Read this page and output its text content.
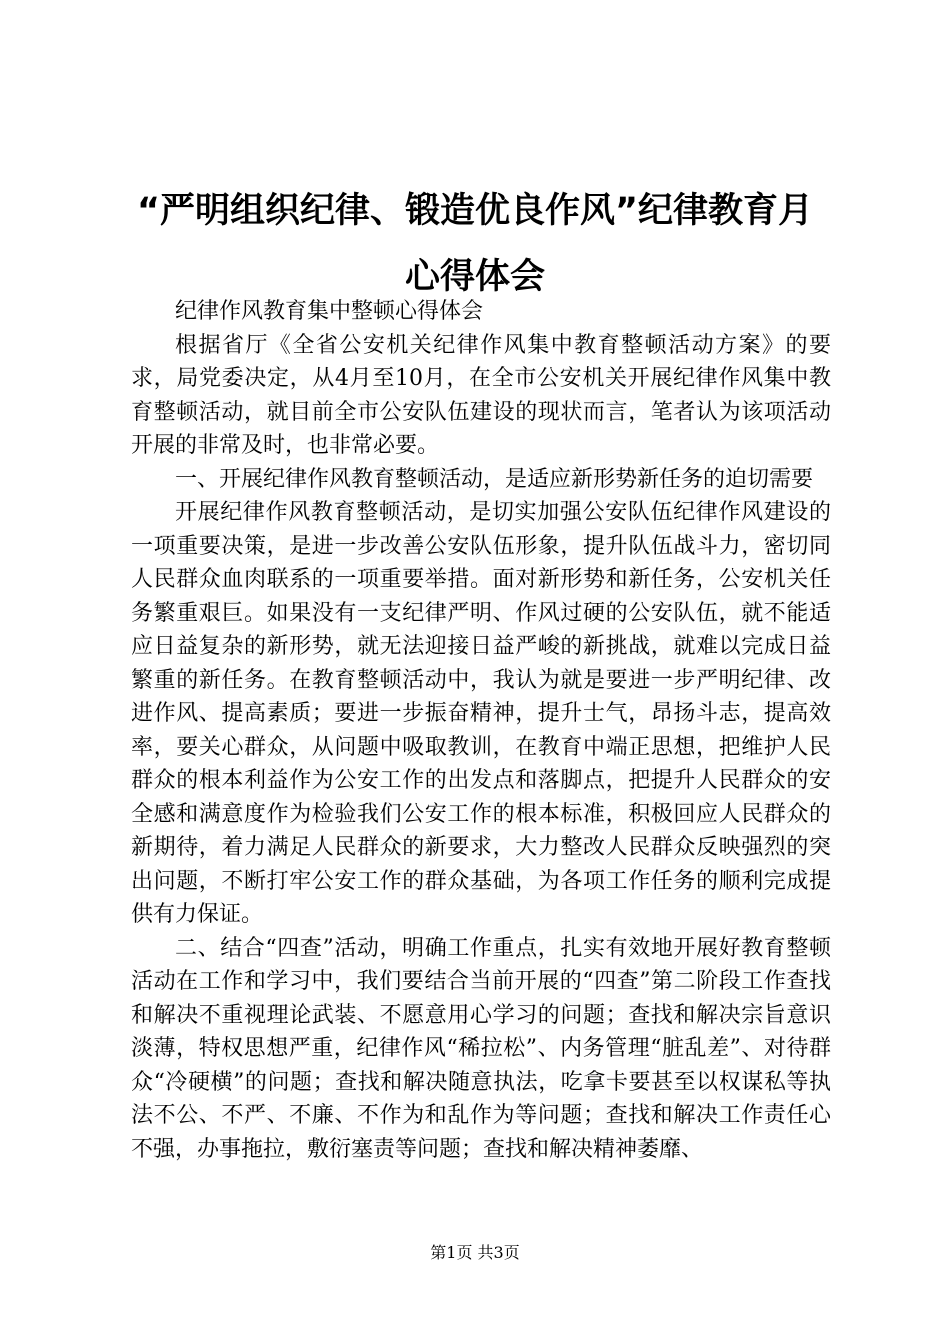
“严明组织纪律、锻造优良作风”纪律教育月心得体会

纪律作风教育集中整顿心得体会

根据省厅《全省公安机关纪律作风集中教育整顿活动方案》的要求，局党委决定，从4月至10月，在全市公安机关开展纪律作风集中教育整顿活动，就目前全市公安队伍建设的现状而言，笔者认为该项活动开展的非常及时，也非常必要。

一、开展纪律作风教育整顿活动，是适应新形势新任务的迫切需要

开展纪律作风教育整顿活动，是切实加强公安队伍纪律作风建设的一项重要决策，是进一步改善公安队伍形象，提升队伍战斗力，密切同人民群众血肉联系的一项重要举措。面对新形势和新任务，公安机关任务繁重艰巨。如果没有一支纪律严明、作风过硬的公安队伍，就不能适应日益复杂的新形势，就无法迎接日益严峻的新挑战，就难以完成日益繁重的新任务。在教育整顿活动中，我认为就是要进一步严明纪律、改进作风、提高素质；要进一步振奋精神，提升士气，昂扬斗志，提高效率，要关心群众，从问题中吸取教训，在教育中端正思想，把维护人民群众的根本利益作为公安工作的出发点和落脚点，把提升人民群众的安全感和满意度作为检验我们公安工作的根本标准，积极回应人民群众的新期待，着力满足人民群众的新要求，大力整改人民群众反映强烈的突出问题，不断打牢公安工作的群众基础，为各项工作任务的顺利完成提供有力保证。

二、结合“四查”活动，明确工作重点，扎实有效地开展好教育整顿活动在工作和学习中，我们要结合当前开展的“四查”第二阶段工作查找和解决不重视理论武装、不愿意用心学习的问题；查找和解决宗旨意识淡薄，特权思想严重，纪律作风“稀拉松”、内务管理“脏乱差”、对待群众“冷硬横”的问题；查找和解决随意执法，吃拿卡要甚至以权谋私等执法不公、不严、不廉、不作为和乱作为等问题；查找和解决工作责任心不强，办事拖拉，敷衍塞责等问题；查找和解决精神萎靡、

第1页 共3页
